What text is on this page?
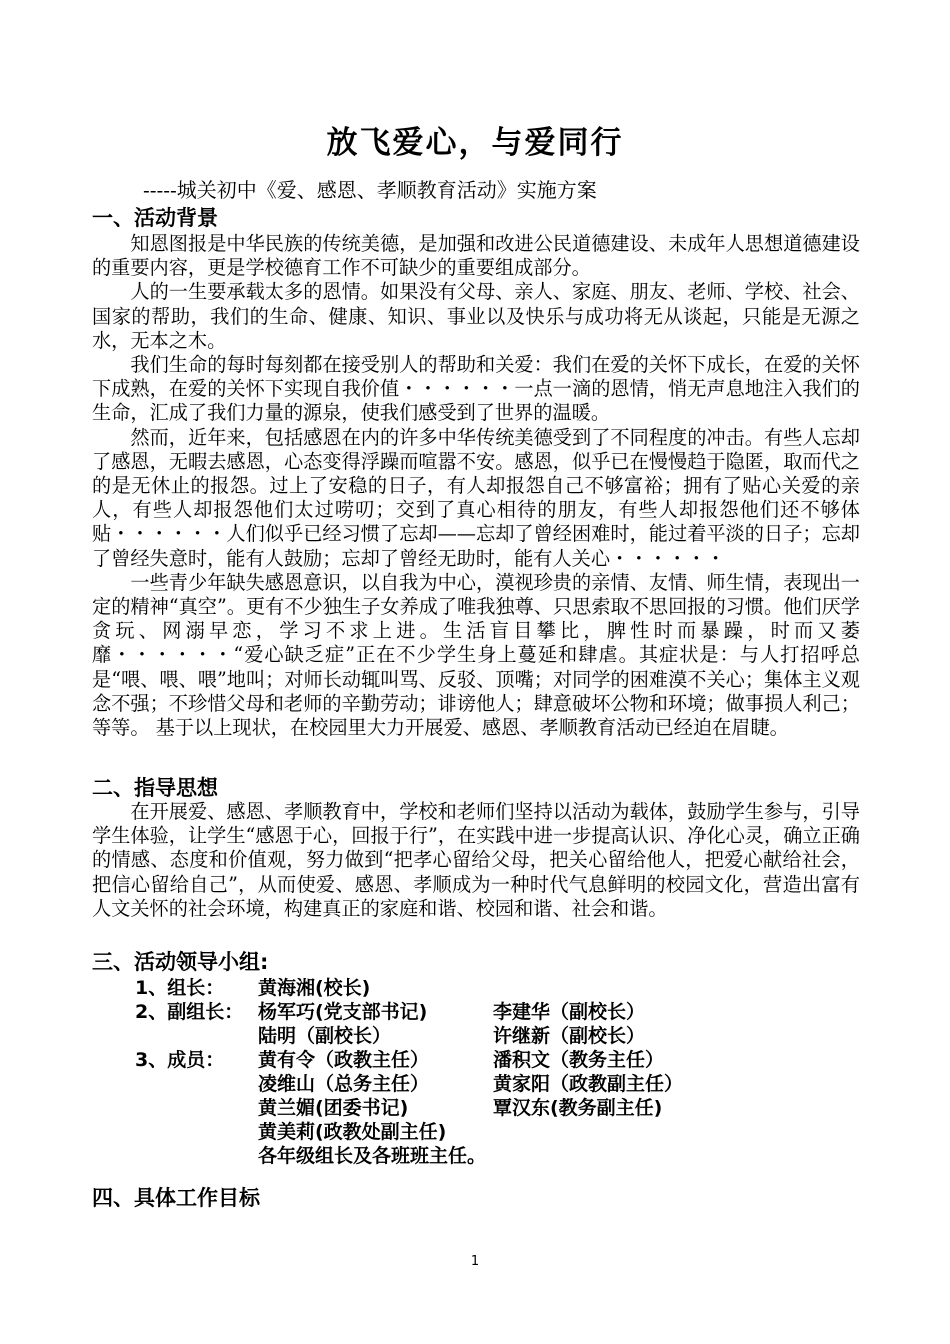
放飞爱心，与爱同行
-----城关初中《爱、感恩、孝顺教育活动》实施方案
一、活动背景

知恩图报是中华民族的传统美德，是加强和改进公民道德建设、未成年人思想道德建设的重要内容，更是学校德育工作不可缺少的重要组成部分。

人的一生要承载太多的恩情。如果没有父母、亲人、家庭、朋友、老师、学校、社会、国家的帮助，我们的生命、健康、知识、事业以及快乐与成功将无从谈起，只能是无源之水，无本之木。

我们生命的每时每刻都在接受别人的帮助和关爱：我们在爱的关怀下成长，在爱的关怀下成熟，在爱的关怀下实现自我价值・・・・・・一点一滴的恩情，悄无声息地注入我们的生命，汇成了我们力量的源泉，使我们感受到了世界的温暖。

然而，近年来，包括感恩在内的许多中华传统美德受到了不同程度的冲击。有些人忘却了感恩，无暇去感恩，心态变得浮躁而喧嚣不安。感恩，似乎已在慢慢趋于隐匿，取而代之的是无休止的报怨。过上了安稳的日子，有人却报怨自己不够富裕；拥有了贴心关爱的亲人，有些人却报怨他们太过唠叨；交到了真心相待的朋友，有些人却报怨他们还不够体贴・・・・・・人们似乎已经习惯了忘却——忘却了曾经困难时，能过着平淡的日子；忘却了曾经失意时，能有人鼓励；忘却了曾经无助时，能有人关心・・・・・・

一些青少年缺失感恩意识，以自我为中心，漠视珍贵的亲情、友情、师生情，表现出一定的精神“真空”。更有不少独生子女养成了唯我独尊、只思索取不思回报的习惯。他们厌学贪玩、网溺早恋，学习不求上进。生活盲目攀比，脾性时而暴躁，时而又萎靡・・・・・・“爱心缺乏症”正在不少学生身上蔓延和肆虐。其症状是：与人打招呼总是“喂、喂、喂”地叫；对师长动辄叫骂、反驳、顶嘴；对同学的困难漠不关心；集体主义观念不强；不珍惜父母和老师的辛勤劳动；诽谤他人；肆意破坏公物和环境；做事损人利己；等等。 基于以上现状，在校园里大力开展爱、感恩、孝顺教育活动已经迫在眉睫。

二、指导思想

在开展爱、感恩、孝顺教育中，学校和老师们坚持以活动为载体，鼓励学生参与，引导学生体验，让学生“感恩于心，回报于行”，在实践中进一步提高认识、净化心灵，确立正确的情感、态度和价值观，努力做到“把孝心留给父母，把关心留给他人，把爱心献给社会，把信心留给自己”，从而使爱、感恩、孝顺成为一种时代气息鲜明的校园文化，营造出富有人文关怀的社会环境，构建真正的家庭和谐、校园和谐、社会和谐。

三、活动领导小组:
1、组长： 黄海湘(校长)
2、副组长： 杨军巧(党支部书记)	李建华（副校长）
陆明（副校长）	许继新（副校长）
3、成员： 黄有令（政教主任）	潘积文（教务主任）
凌维山（总务主任）	黄家阳（政教副主任）
黄兰媚(团委书记)	覃汉东(教务副主任)
黄美莉(政教处副主任)
各年级组长及各班班主任。
四、具体工作目标
1
